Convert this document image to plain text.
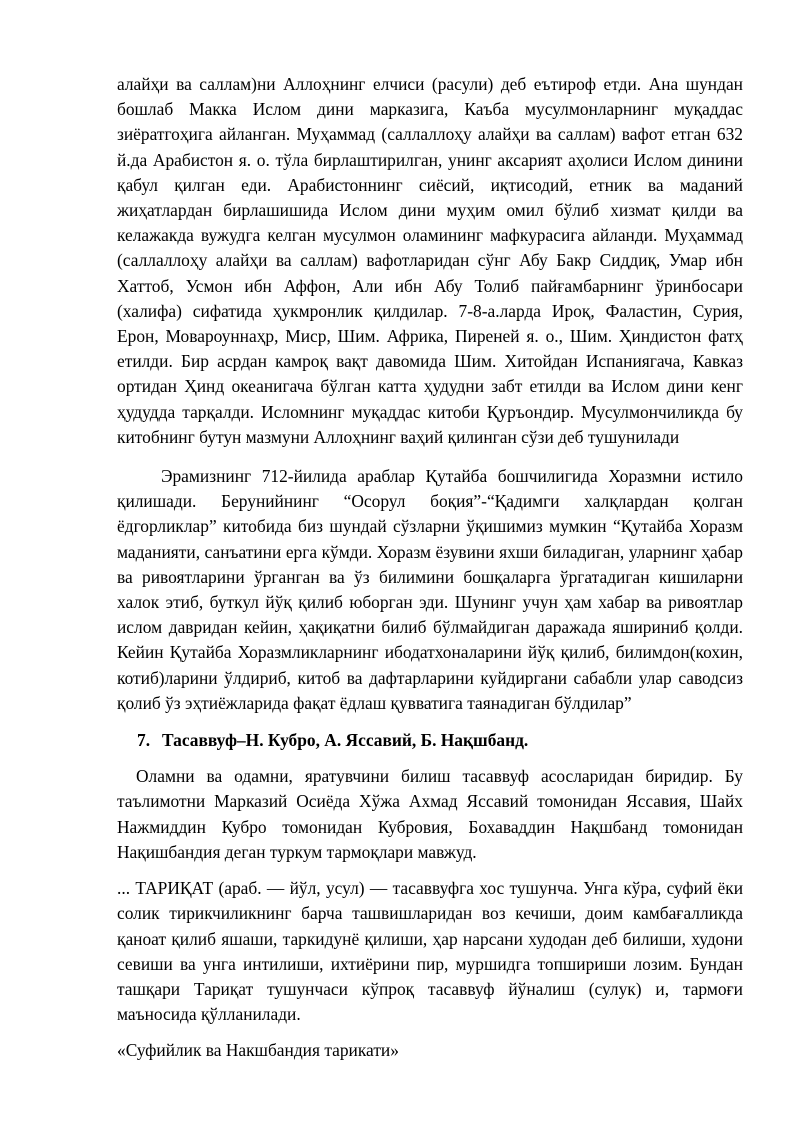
алайҳи ва саллам)ни Аллоҳнинг елчиси (расули) деб еътироф етди. Ана шундан бошлаб Макка Ислом дини марказига, Каъба мусулмонларнинг муқаддас зиёратгоҳига айланган. Муҳаммад (саллаллоҳу алайҳи ва саллам) вафот етган 632 й.да Арабистон я. о. тўла бирлаштирилган, унинг аксарият аҳолиси Ислом динини қабул қилган еди. Арабистоннинг сиёсий, иқтисодий, етник ва маданий жиҳатлардан бирлашишида Ислом дини муҳим омил бўлиб хизмат қилди ва келажакда вужудга келган мусулмон оламининг мафкурасига айланди. Муҳаммад (саллаллоҳу алайҳи ва саллам) вафотларидан сўнг Абу Бакр Сиддиқ, Умар ибн Хаттоб, Усмон ибн Аффон, Али ибн Абу Толиб пайғамбарнинг ўринбосари (халифа) сифатида ҳукмронлик қилдилар. 7-8-а.ларда Ироқ, Фаластин, Сурия, Ерон, Мовароуннаҳр, Миср, Шим. Африка, Пиреней я. о., Шим. Ҳиндистон фатҳ етилди. Бир асрдан камроқ вақт давомида Шим. Хитойдан Испаниягача, Кавказ ортидан Ҳинд океанигача бўлган катта ҳудудни забт етилди ва Ислом дини кенг ҳудудда тарқалди. Исломнинг муқаддас китоби Қуръондир. Мусулмончиликда бу китобнинг бутун мазмуни Аллоҳнинг ваҳий қилинган сўзи деб тушунилади

Эрамизнинг 712-йилида араблар Қутайба бошчилигида Хоразмни истило қилишади. Берунийнинг “Осорул боқия”-“Қадимги халқлардан қолган ёдгорликлар” китобида биз шундай сўзларни ўқишимиз мумкин “Қутайба Хоразм маданияти, санъатини ерга кўмди. Хоразм ёзувини яхши биладиган, уларнинг ҳабар ва ривоятларини ўрганган ва ўз билимини бошқаларга ўргатадиган кишиларни халок этиб, буткул йўқ қилиб юборган эди. Шунинг учун ҳам хабар ва ривоятлар ислом давридан кейин, ҳақиқатни билиб бўлмайдиган даражада яшириниб қолди. Кейин Қутайба Хоразмликларнинг ибодатхоналарини йўқ қилиб, билимдон(кохин, котиб)ларини ўлдириб, китоб ва дафтарларини куйдиргани сабабли улар саводсиз қолиб ўз эҳтиёжларида фақат ёдлаш қувватига таянадиган бўлдилар”

7. Тасаввуф–Н. Кубро, А. Яссавий, Б. Нақшбанд.

Оламни ва одамни, яратувчини билиш тасаввуф асосларидан биридир. Бу таълимотни Марказий Осиёда Хўжа Ахмад Яссавий томонидан Яссавия, Шайх Нажмиддин Кубро томонидан Кубровия, Бохаваддин Нақшбанд томонидан Нақишбандия деган туркум тармоқлари мавжуд.

... ТАРИҚАТ (араб. — йўл, усул) — тасаввуфга хос тушунча. Унга кўра, суфий ёки солик тирикчиликнинг барча ташвишларидан воз кечиши, доим камбағалликда қаноат қилиб яшаши, таркидунё қилиши, ҳар нарсани худодан деб билиши, худони севиши ва унга интилиши, ихтиёрини пир, муршидга топшириши лозим. Бундан ташқари Тариқат тушунчаси кўпроқ тасаввуф йўналиш (сулук) и, тармоғи маъносида қўлланилади.

«Суфийлик ва Накшбандия тарикати»
